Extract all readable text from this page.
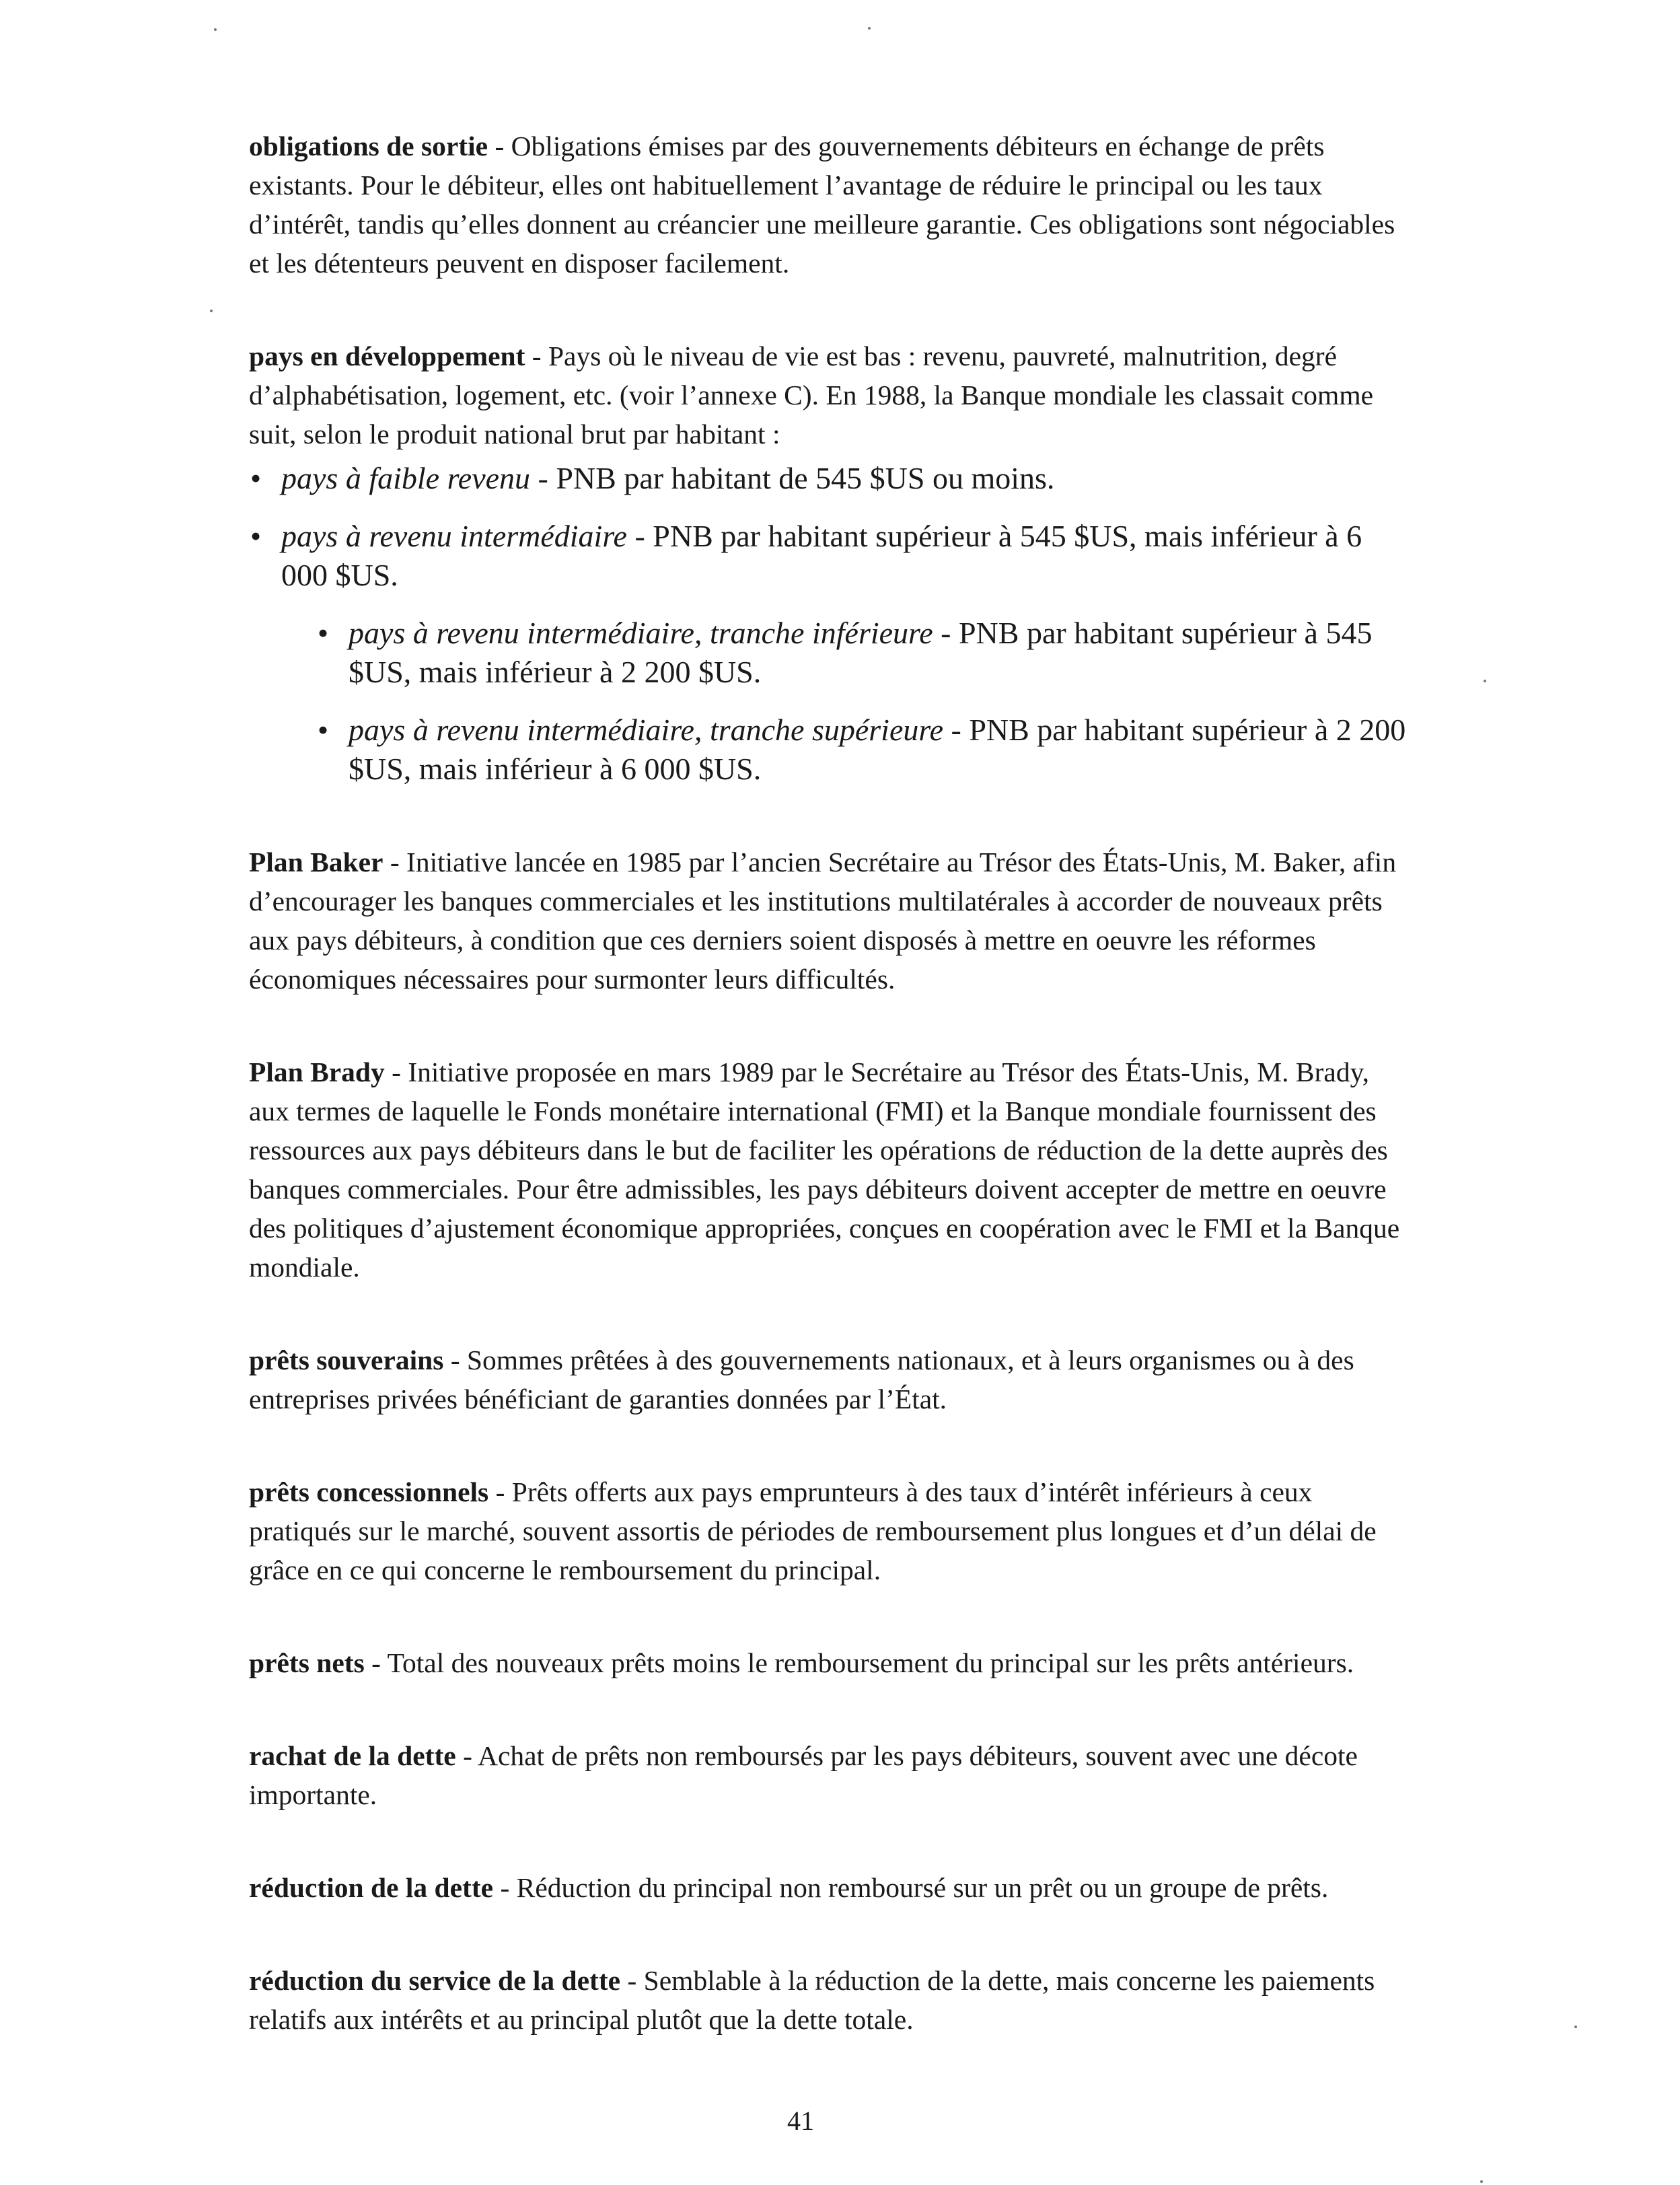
obligations de sortie - Obligations émises par des gouvernements débiteurs en échange de prêts existants. Pour le débiteur, elles ont habituellement l’avantage de réduire le principal ou les taux d’intérêt, tandis qu’elles donnent au créancier une meilleure garantie. Ces obligations sont négociables et les détenteurs peuvent en disposer facilement.

pays en développement - Pays où le niveau de vie est bas : revenu, pauvreté, malnutrition, degré d’alphabétisation, logement, etc. (voir l’annexe C). En 1988, la Banque mondiale les classait comme suit, selon le produit national brut par habitant :

• pays à faible revenu - PNB par habitant de 545 $US ou moins.
• pays à revenu intermédiaire - PNB par habitant supérieur à 545 $US, mais inférieur à 6 000 $US.
• pays à revenu intermédiaire, tranche inférieure - PNB par habitant supérieur à 545 $US, mais inférieur à 2 200 $US.
• pays à revenu intermédiaire, tranche supérieure - PNB par habitant supérieur à 2 200 $US, mais inférieur à 6 000 $US.

Plan Baker - Initiative lancée en 1985 par l’ancien Secrétaire au Trésor des États-Unis, M. Baker, afin d’encourager les banques commerciales et les institutions multilatérales à accorder de nouveaux prêts aux pays débiteurs, à condition que ces derniers soient disposés à mettre en oeuvre les réformes économiques nécessaires pour surmonter leurs difficultés.

Plan Brady - Initiative proposée en mars 1989 par le Secrétaire au Trésor des États-Unis, M. Brady, aux termes de laquelle le Fonds monétaire international (FMI) et la Banque mondiale fournissent des ressources aux pays débiteurs dans le but de faciliter les opérations de réduction de la dette auprès des banques commerciales. Pour être admissibles, les pays débiteurs doivent accepter de mettre en oeuvre des politiques d’ajustement économique appropriées, conçues en coopération avec le FMI et la Banque mondiale.

prêts souverains - Sommes prêtées à des gouvernements nationaux, et à leurs organismes ou à des entreprises privées bénéficiant de garanties données par l’État.

prêts concessionnels - Prêts offerts aux pays emprunteurs à des taux d’intérêt inférieurs à ceux pratiqués sur le marché, souvent assortis de périodes de remboursement plus longues et d’un délai de grâce en ce qui concerne le remboursement du principal.

prêts nets - Total des nouveaux prêts moins le remboursement du principal sur les prêts antérieurs.

rachat de la dette - Achat de prêts non remboursés par les pays débiteurs, souvent avec une décote importante.

réduction de la dette - Réduction du principal non remboursé sur un prêt ou un groupe de prêts.

réduction du service de la dette - Semblable à la réduction de la dette, mais concerne les paiements relatifs aux intérêts et au principal plutôt que la dette totale.

41
